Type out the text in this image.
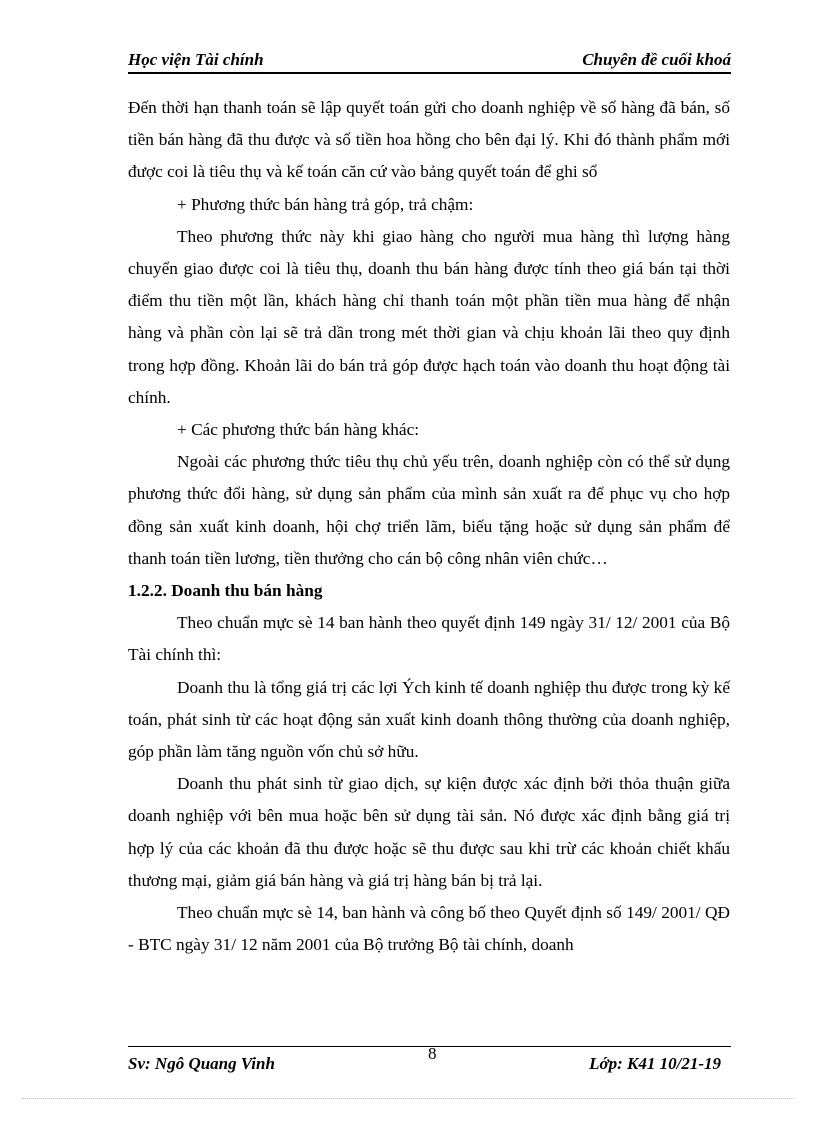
Học viện Tài chính	Chuyên đề cuối khoá

Đến thời hạn thanh toán sẽ lập quyết toán gửi cho doanh nghiệp về số hàng đã bán, số tiền bán hàng đã thu được và số tiền hoa hồng cho bên đại lý. Khi đó thành phẩm mới được coi là tiêu thụ và kế toán căn cứ vào bảng quyết toán để ghi sổ

+ Phương thức bán hàng trả góp, trả chậm:

Theo phương thức này khi giao hàng cho người mua hàng thì lượng hàng chuyển giao được coi là tiêu thụ, doanh thu bán hàng được tính theo giá bán tại thời điểm thu tiền một lần, khách hàng chỉ thanh toán một phần tiền mua hàng để nhận hàng và phần còn lại sẽ trả dần trong mét thời gian và chịu khoản lãi theo quy định trong hợp đồng. Khoản lãi do bán trả góp được hạch toán vào doanh thu hoạt động tài chính.

+ Các phương thức bán hàng khác:

Ngoài các phương thức tiêu thụ chủ yếu trên, doanh nghiệp còn có thể sử dụng phương thức đổi hàng, sử dụng sản phẩm của mình sản xuất ra để phục vụ cho hợp đồng sản xuất kinh doanh, hội chợ triển lãm, biếu tặng hoặc sử dụng sản phẩm để thanh toán tiền lương, tiền thưởng cho cán bộ công nhân viên chức…

1.2.2. Doanh thu bán hàng

Theo chuẩn mực sè 14 ban hành theo quyết định 149 ngày 31/ 12/ 2001 của Bộ Tài chính thì:

Doanh thu là tổng giá trị các lợi Ých kinh tế doanh nghiệp thu được trong kỳ kế toán, phát sinh từ các hoạt động sản xuất kinh doanh thông thường của doanh nghiệp, góp phần làm tăng nguồn vốn chủ sở hữu.

Doanh thu phát sinh từ giao dịch, sự kiện được xác định bởi thỏa thuận giữa doanh nghiệp với bên mua hoặc bên sử dụng tài sản. Nó được xác định bằng giá trị hợp lý của các khoản đã thu được hoặc sẽ thu được sau khi trừ các khoản chiết khấu thương mại, giảm giá bán hàng và giá trị hàng bán bị trả lại.

Theo chuẩn mực sè 14, ban hành và công bố theo Quyết định số 149/ 2001/ QĐ - BTC ngày 31/ 12 năm 2001 của Bộ trưởng Bộ tài chính, doanh

Sv: Ngô Quang Vinh
8
Lớp: K41 10/21-19
